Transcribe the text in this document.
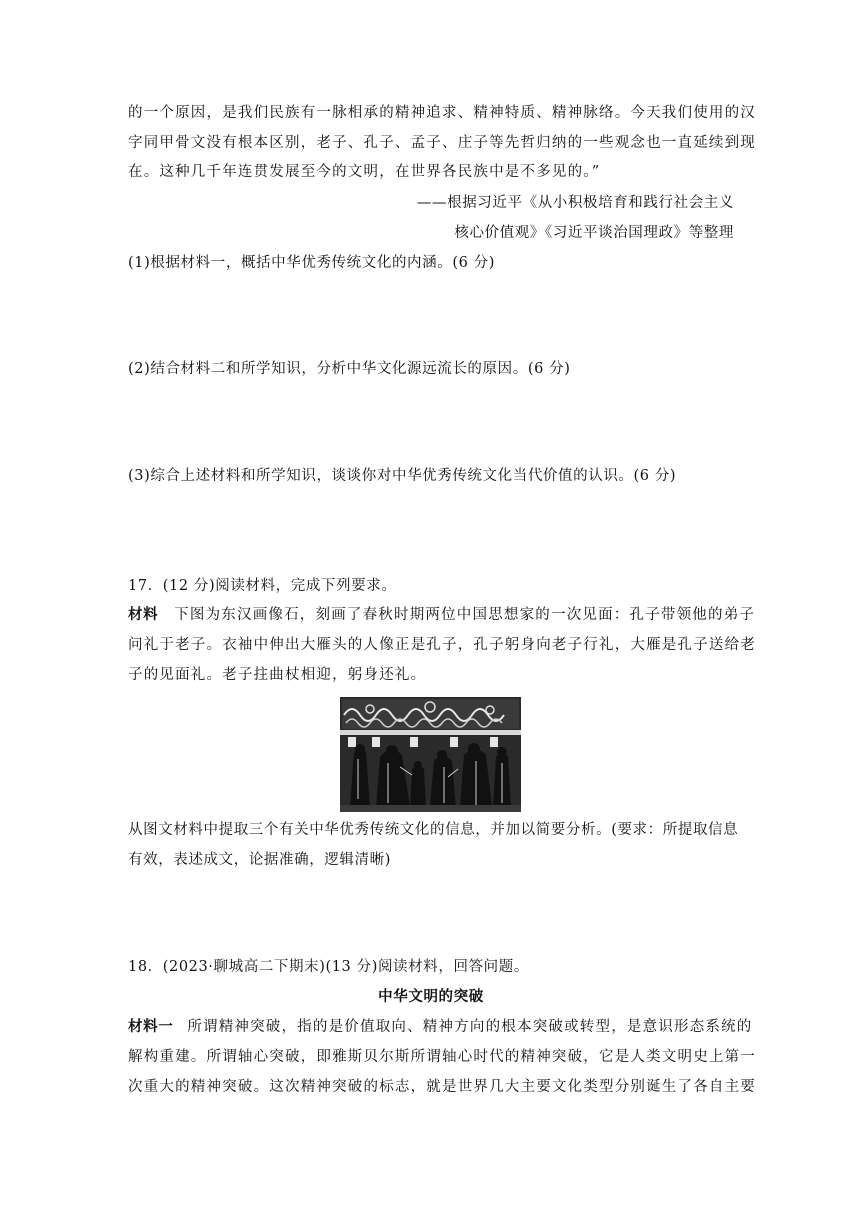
的一个原因，是我们民族有一脉相承的精神追求、精神特质、精神脉络。今天我们使用的汉
字同甲骨文没有根本区别，老子、孔子、孟子、庄子等先哲归纳的一些观念也一直延续到现
在。这种几千年连贯发展至今的文明，在世界各民族中是不多见的。”
——根据习近平《从小积极培育和践行社会主义
核心价值观》《习近平谈治国理政》等整理
(1)根据材料一，概括中华优秀传统文化的内涵。(6 分)
(2)结合材料二和所学知识，分析中华文化源远流长的原因。(6 分)
(3)综合上述材料和所学知识，谈谈你对中华优秀传统文化当代价值的认识。(6 分)
17．(12 分)阅读材料，完成下列要求。
材料 下图为东汉画像石，刻画了春秋时期两位中国思想家的一次见面：孔子带领他的弟子
问礼于老子。衣袖中伸出大雁头的人像正是孔子，孔子躬身向老子行礼，大雁是孔子送给老
子的见面礼。老子拄曲杖相迎，躬身还礼。
从图文材料中提取三个有关中华优秀传统文化的信息，并加以简要分析。(要求：所提取信息
有效，表述成文，论据准确，逻辑清晰)
18．(2023·聊城高二下期末)(13 分)阅读材料，回答问题。
中华文明的突破
材料一 所谓精神突破，指的是价值取向、精神方向的根本突破或转型，是意识形态系统的
解构重建。所谓轴心突破，即雅斯贝尔斯所谓轴心时代的精神突破，它是人类文明史上第一
次重大的精神突破。这次精神突破的标志，就是世界几大主要文化类型分别诞生了各自主要
